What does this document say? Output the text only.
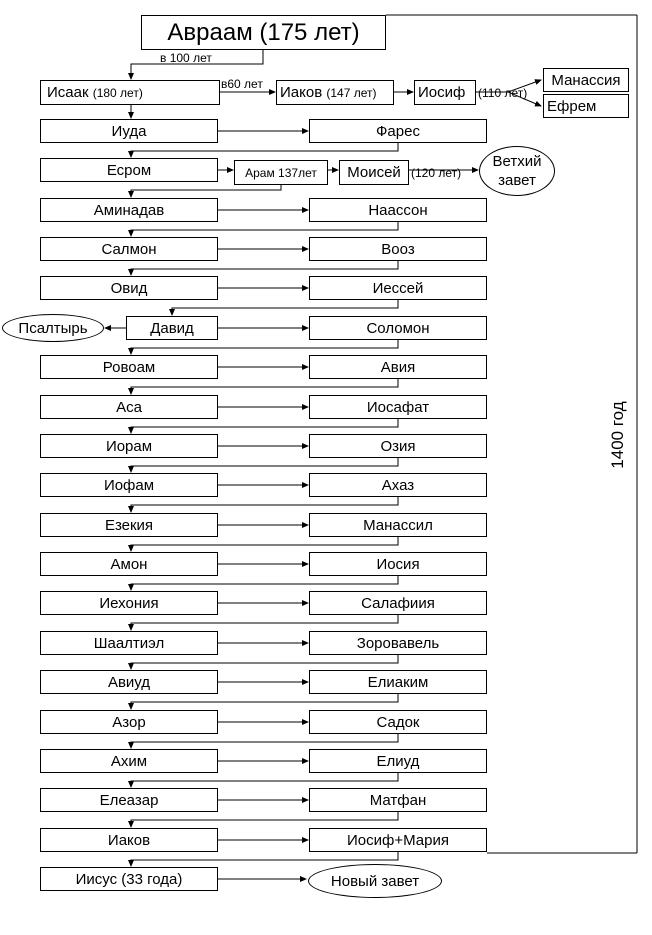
Авраам (175 лет)
в 100 лет
Исаак
(180 лет)
в60 лет Иаков
(147 лет)	Иосиф (110 лет)
Манассия
Ефрем
Арам 137лет Моисей (120 лет)
Ветхий завет
Псалтырь
Новый завет
Иуда	Фарес
Есром
Аминадав	Наассон
Салмон	Вооз
Овид	Иессей
Давид	Соломон
Ровоам	Авия
Аса	Иосафат
Иорам	Озия
Иофам	Ахаз
Езекия	Манассил
Амон	Иосия
Иехония	Салафиия
Шаалтиэл	Зоровавель
Авиуд	Елиаким
Азор	Садок
Ахим	Елиуд
Елеазар	Матфан
Иаков	Иосиф+Мария
Иисус (33 года)
1400 год
